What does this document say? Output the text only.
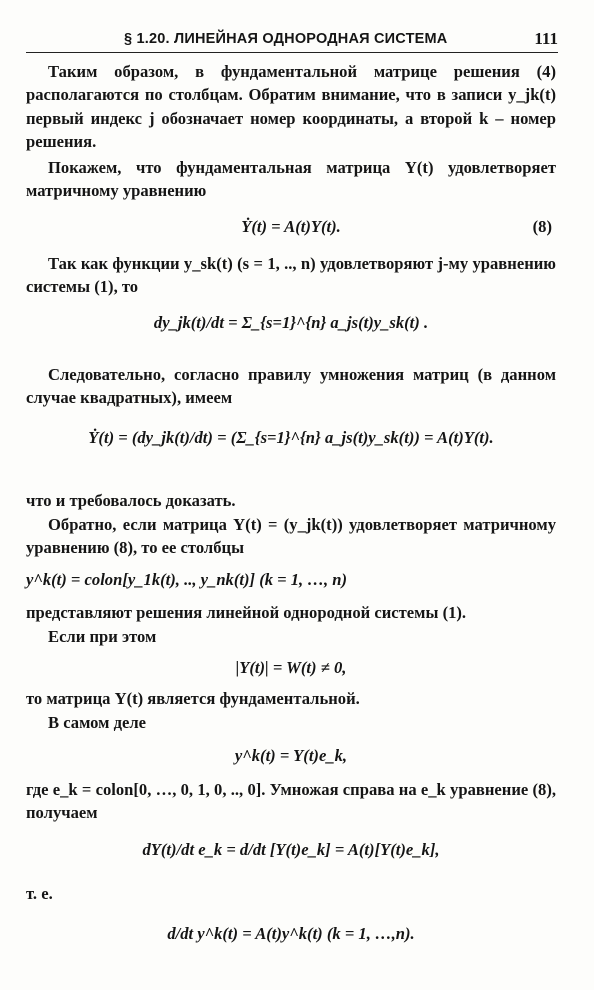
§ 1.20. ЛИНЕЙНАЯ ОДНОРОДНАЯ СИСТЕМА	111

Таким образом, в фундаментальной матрице решения (4) располагаются по столбцам. Обратим внимание, что в записи y_jk(t) первый индекс j обозначает номер координаты, а второй k – номер решения.

Покажем, что фундаментальная матрица Y(t) удовлетворяет матричному уравнению

Ẏ(t) = A(t)Y(t).	(8)

Так как функции y_sk(t) (s = 1, .., n) удовлетворяют j-му уравнению системы (1), то

dy_jk(t)/dt = Σ_{s=1}^{n} a_js(t)y_sk(t) .

Следовательно, согласно правилу умножения матриц (в данном случае квадратных), имеем

Ẏ(t) = (dy_jk(t)/dt) = (Σ_{s=1}^{n} a_js(t)y_sk(t)) = A(t)Y(t).

что и требовалось доказать.

Обратно, если матрица Y(t) = (y_jk(t)) удовлетворяет матричному уравнению (8), то ее столбцы

y^k(t) = colon[y_1k(t), .., y_nk(t)] (k = 1, …, n)

представляют решения линейной однородной системы (1).

Если при этом

|Y(t)| = W(t) ≠ 0,

то матрица Y(t) является фундаментальной.

В самом деле

y^k(t) = Y(t)e_k,

где e_k = colon[0, …, 0, 1, 0, .., 0]. Умножая справа на e_k уравнение (8), получаем

dY(t)/dt e_k = d/dt [Y(t)e_k] = A(t)[Y(t)e_k],

т. е.

d/dt y^k(t) = A(t)y^k(t) (k = 1, …,n).
